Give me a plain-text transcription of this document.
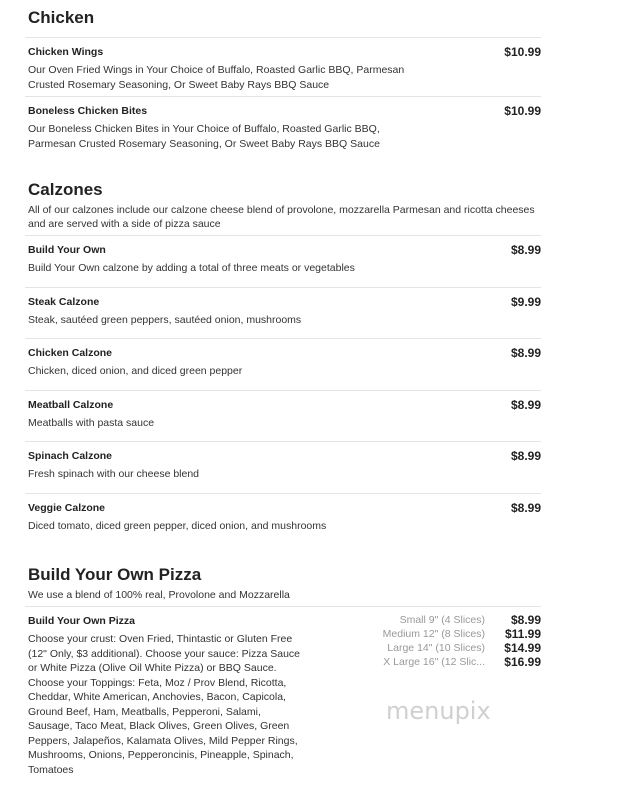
Chicken
Chicken Wings	$10.99
Our Oven Fried Wings in Your Choice of Buffalo, Roasted Garlic BBQ, Parmesan Crusted Rosemary Seasoning, Or Sweet Baby Rays BBQ Sauce
Boneless Chicken Bites	$10.99
Our Boneless Chicken Bites in Your Choice of Buffalo, Roasted Garlic BBQ, Parmesan Crusted Rosemary Seasoning, Or Sweet Baby Rays BBQ Sauce
Calzones
All of our calzones include our calzone cheese blend of provolone, mozzarella Parmesan and ricotta cheeses and are served with a side of pizza sauce
Build Your Own	$8.99
Build Your Own calzone by adding a total of three meats or vegetables
Steak Calzone	$9.99
Steak, sautéed green peppers, sautéed onion, mushrooms
Chicken Calzone	$8.99
Chicken, diced onion, and diced green pepper
Meatball Calzone	$8.99
Meatballs with pasta sauce
Spinach Calzone	$8.99
Fresh spinach with our cheese blend
Veggie Calzone	$8.99
Diced tomato, diced green pepper, diced onion, and mushrooms
Build Your Own Pizza
We use a blend of 100% real, Provolone and Mozzarella
Build Your Own Pizza
Choose your crust: Oven Fried, Thintastic or Gluten Free (12" Only, $3 additional). Choose your sauce: Pizza Sauce or White Pizza (Olive Oil White Pizza) or BBQ Sauce. Choose your Toppings: Feta, Moz / Prov Blend, Ricotta, Cheddar, White American, Anchovies, Bacon, Capicola, Ground Beef, Ham, Meatballs, Pepperoni, Salami, Sausage, Taco Meat, Black Olives, Green Olives, Green Peppers, Jalapeños, Kalamata Olives, Mild Pepper Rings, Mushrooms, Onions, Pepperoncinis, Pineapple, Spinach, Tomatoes
Small 9" (4 Slices)	$8.99
Medium 12" (8 Slices)	$11.99
Large 14" (10 Slices)	$14.99
X Large 16" (12 Slic...	$16.99
menupix
